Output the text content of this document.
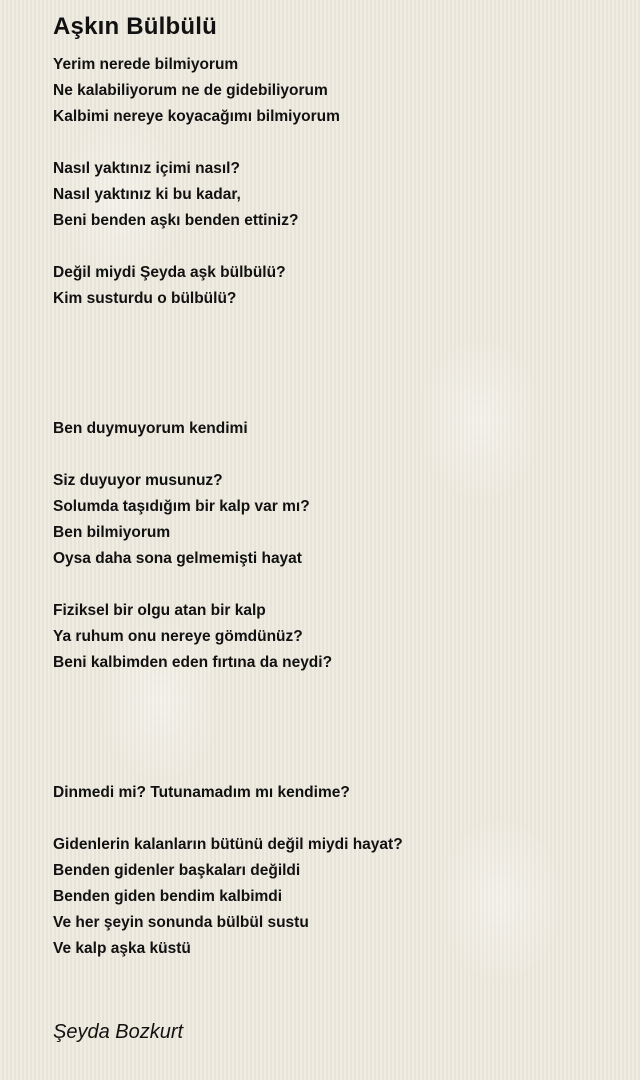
Aşkın Bülbülü
Yerim nerede bilmiyorum
Ne kalabiliyorum ne de gidebiliyorum
Kalbimi nereye koyacağımı bilmiyorum
Nasıl yaktınız içimi nasıl?
Nasıl yaktınız ki bu kadar,
Beni benden aşkı benden ettiniz?
Değil miydi Şeyda aşk bülbülü?
Kim susturdu o bülbülü?
Ben duymuyorum kendimi
Siz duyuyor musunuz?
Solumda taşıdığım bir kalp var mı?
Ben bilmiyorum
Oysa daha sona gelmemişti hayat
Fiziksel bir olgu atan bir kalp
Ya ruhum onu nereye gömdünüz?
Beni kalbimden eden fırtına da neydi?
Dinmedi mi? Tutunamadım mı kendime?
Gidenlerin kalanların bütünü değil miydi hayat?
Benden gidenler başkaları değildi
Benden giden bendim kalbimdi
Ve her şeyin sonunda bülbül sustu
Ve kalp aşka küstü
Şeyda Bozkurt
